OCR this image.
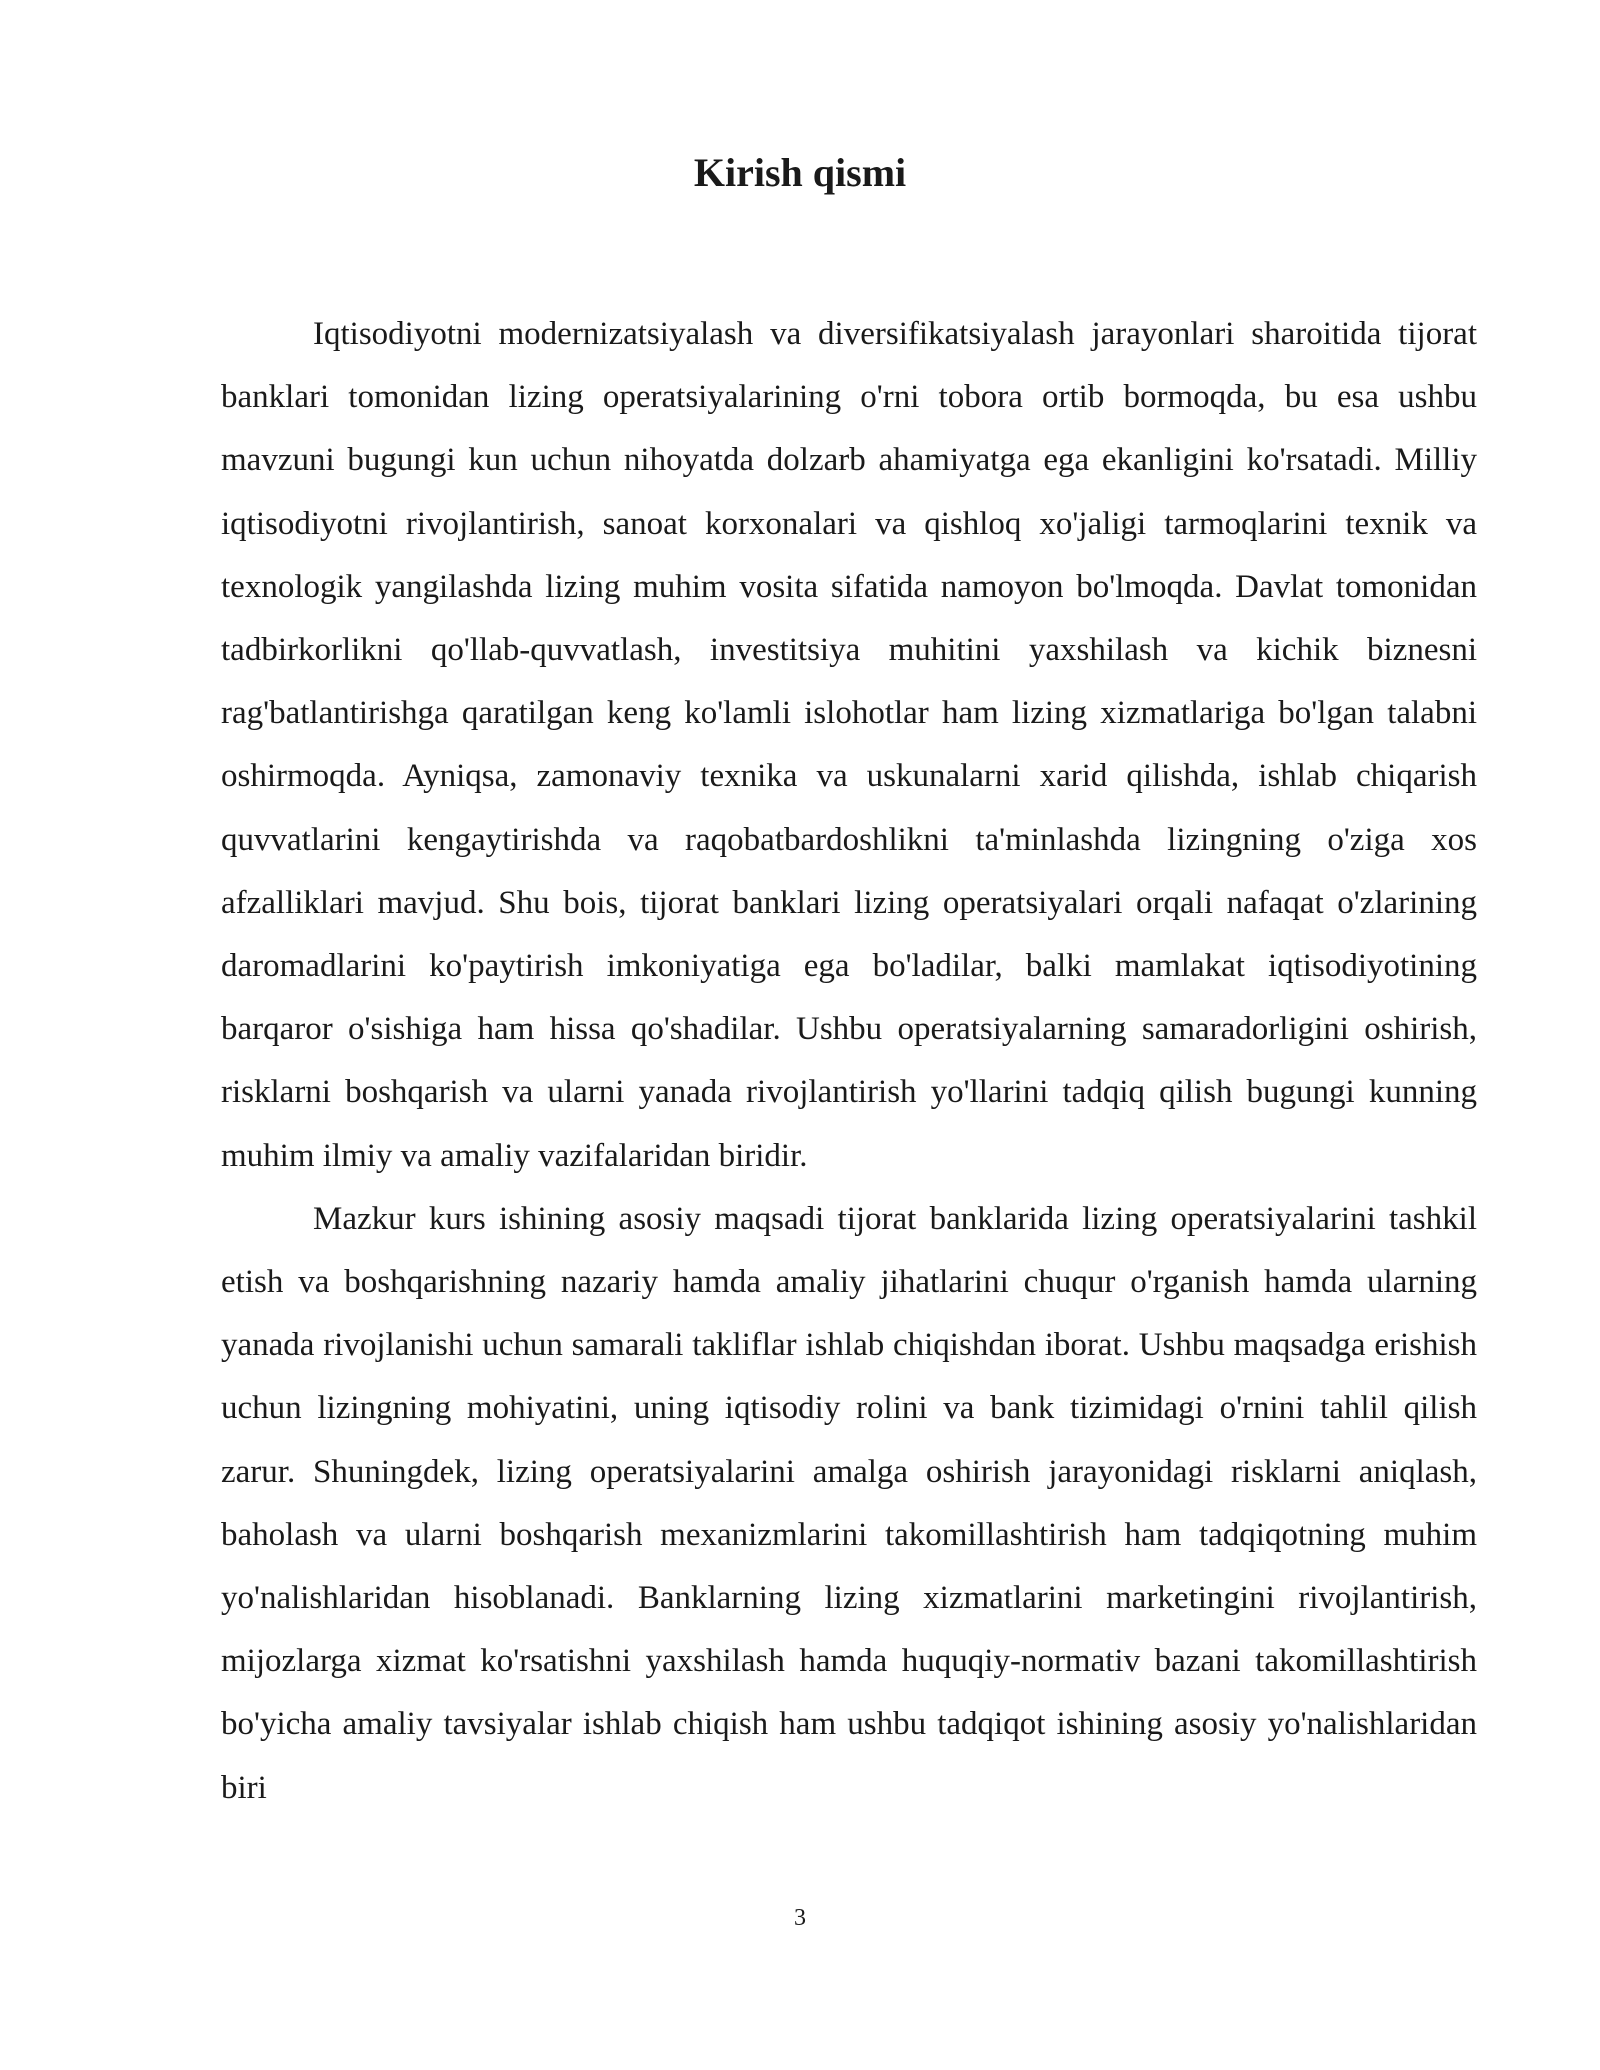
Kirish qismi

Iqtisodiyotni modernizatsiyalash va diversifikatsiyalash jarayonlari sharoitida tijorat banklari tomonidan lizing operatsiyalarining o'rni tobora ortib bormoqda, bu esa ushbu mavzuni bugungi kun uchun nihoyatda dolzarb ahamiyatga ega ekanligini ko'rsatadi. Milliy iqtisodiyotni rivojlantirish, sanoat korxonalari va qishloq xo'jaligi tarmoqlarini texnik va texnologik yangilashda lizing muhim vosita sifatida namoyon bo'lmoqda. Davlat tomonidan tadbirkorlikni qo'llab-quvvatlash, investitsiya muhitini yaxshilash va kichik biznesni rag'batlantirishga qaratilgan keng ko'lamli islohotlar ham lizing xizmatlariga bo'lgan talabni oshirmoqda. Ayniqsa, zamonaviy texnika va uskunalarni xarid qilishda, ishlab chiqarish quvvatlarini kengaytirishda va raqobatbardoshlikni ta'minlashda lizingning o'ziga xos afzalliklari mavjud. Shu bois, tijorat banklari lizing operatsiyalari orqali nafaqat o'zlarining daromadlarini ko'paytirish imkoniyatiga ega bo'ladilar, balki mamlakat iqtisodiyotining barqaror o'sishiga ham hissa qo'shadilar. Ushbu operatsiyalarning samaradorligini oshirish, risklarni boshqarish va ularni yanada rivojlantirish yo'llarini tadqiq qilish bugungi kunning muhim ilmiy va amaliy vazifalaridan biridir.

Mazkur kurs ishining asosiy maqsadi tijorat banklarida lizing operatsiyalarini tashkil etish va boshqarishning nazariy hamda amaliy jihatlarini chuqur o'rganish hamda ularning yanada rivojlanishi uchun samarali takliflar ishlab chiqishdan iborat. Ushbu maqsadga erishish uchun lizingning mohiyatini, uning iqtisodiy rolini va bank tizimidagi o'rnini tahlil qilish zarur. Shuningdek, lizing operatsiyalarini amalga oshirish jarayonidagi risklarni aniqlash, baholash va ularni boshqarish mexanizmlarini takomillashtirish ham tadqiqotning muhim yo'nalishlaridan hisoblanadi. Banklarning lizing xizmatlarini marketingini rivojlantirish, mijozlarga xizmat ko'rsatishni yaxshilash hamda huquqiy-normativ bazani takomillashtirish bo'yicha amaliy tavsiyalar ishlab chiqish ham ushbu tadqiqot ishining asosiy yo'nalishlaridan biri

3
